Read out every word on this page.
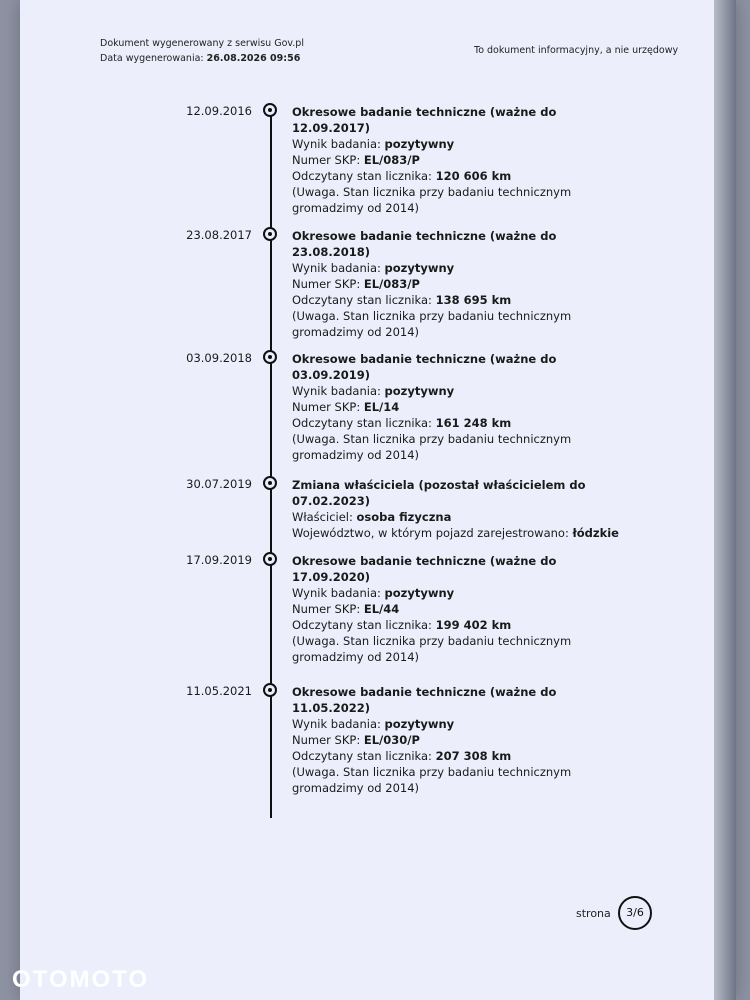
Dokument wygenerowany z serwisu Gov.pl
Data wygenerowania: 26.08.2026 09:56
To dokument informacyjny, a nie urzędowy
12.09.2016	Okresowe badanie techniczne (ważne do 12.09.2017)
Wynik badania: pozytywny
Numer SKP: EL/083/P
Odczytany stan licznika: 120 606 km
(Uwaga. Stan licznika przy badaniu technicznym gromadzimy od 2014)
23.08.2017	Okresowe badanie techniczne (ważne do 23.08.2018)
Wynik badania: pozytywny
Numer SKP: EL/083/P
Odczytany stan licznika: 138 695 km
(Uwaga. Stan licznika przy badaniu technicznym gromadzimy od 2014)
03.09.2018	Okresowe badanie techniczne (ważne do 03.09.2019)
Wynik badania: pozytywny
Numer SKP: EL/14
Odczytany stan licznika: 161 248 km
(Uwaga. Stan licznika przy badaniu technicznym gromadzimy od 2014)
30.07.2019	Zmiana właściciela (pozostał właścicielem do 07.02.2023)
Właściciel: osoba fizyczna
Województwo, w którym pojazd zarejestrowano: łódzkie
17.09.2019	Okresowe badanie techniczne (ważne do 17.09.2020)
Wynik badania: pozytywny
Numer SKP: EL/44
Odczytany stan licznika: 199 402 km
(Uwaga. Stan licznika przy badaniu technicznym gromadzimy od 2014)
11.05.2021	Okresowe badanie techniczne (ważne do 11.05.2022)
Wynik badania: pozytywny
Numer SKP: EL/030/P
Odczytany stan licznika: 207 308 km
(Uwaga. Stan licznika przy badaniu technicznym gromadzimy od 2014)
strona	3/6
OTOMOTO
